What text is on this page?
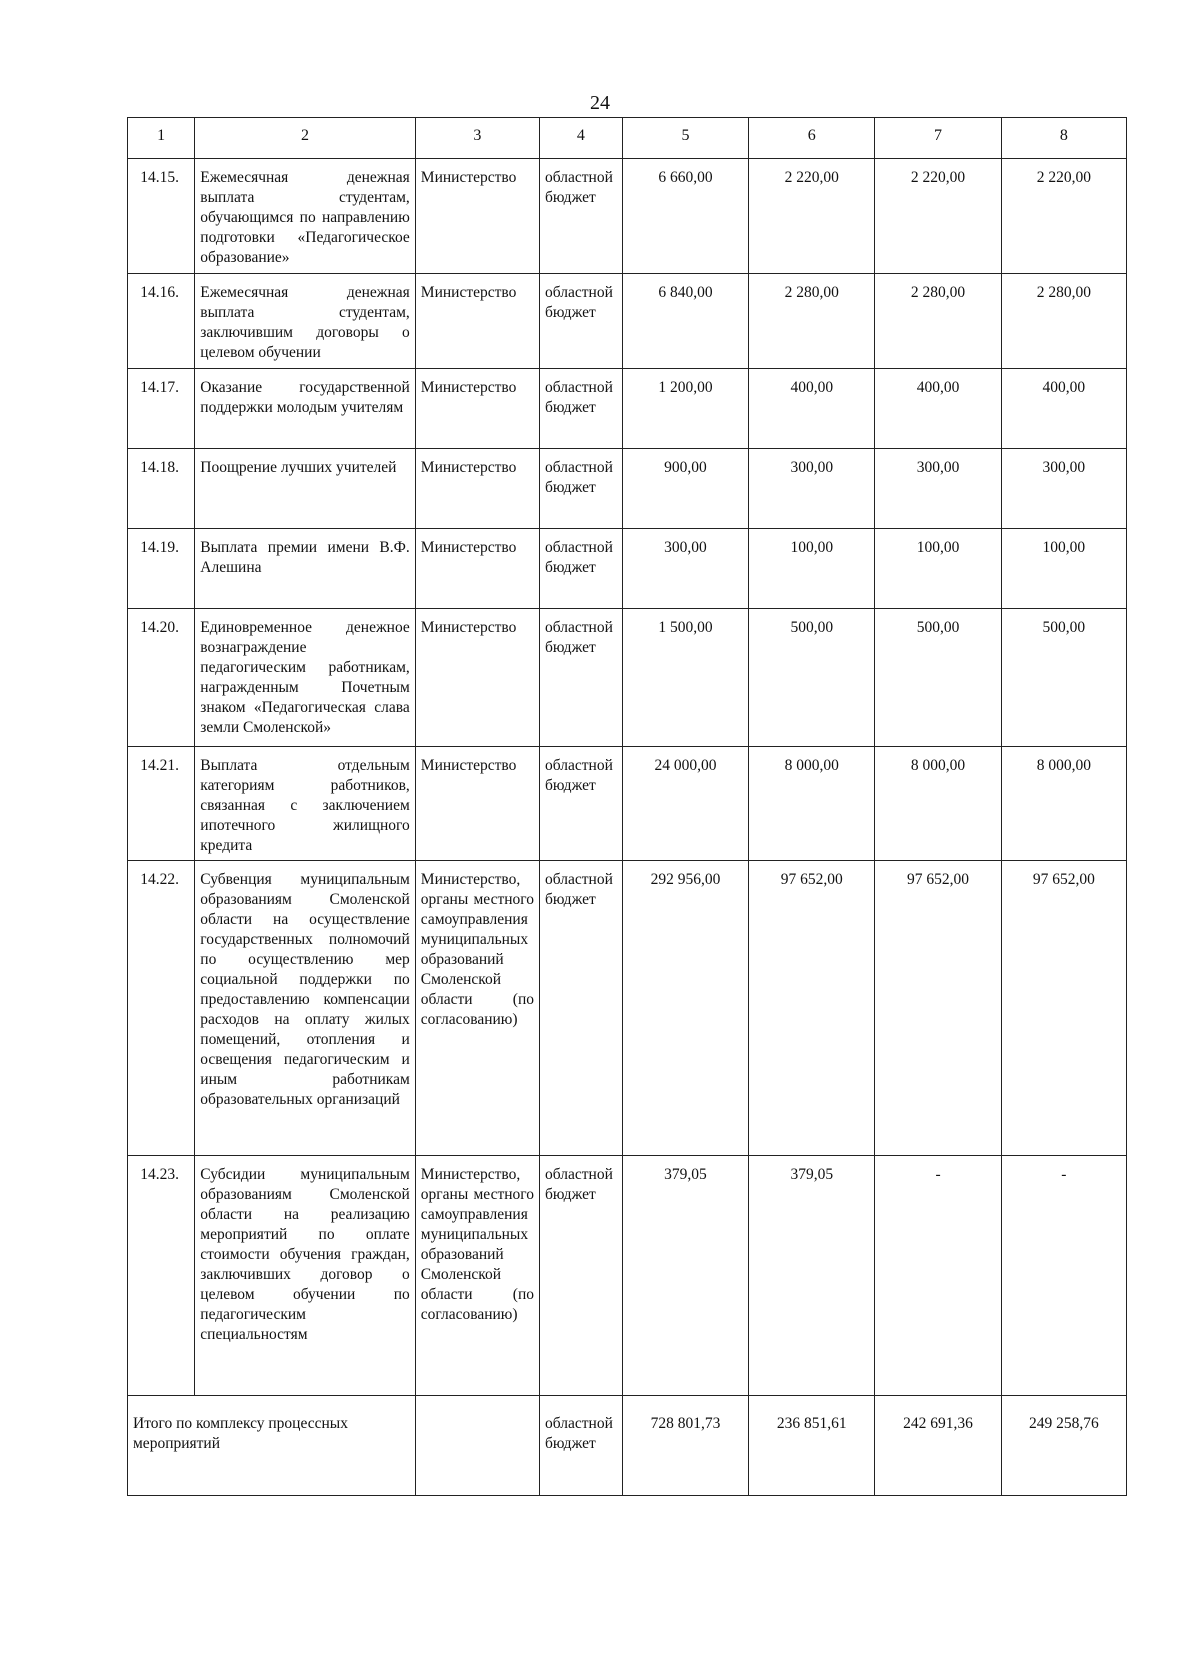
24
1	2	3	4	5	6	7	8
14.15.	Ежемесячная денежная выплата студентам, обучающимся по направлению подготовки «Педагогическое образование»	Министерство	областной бюджет	6 660,00	2 220,00	2 220,00	2 220,00
14.16.	Ежемесячная денежная выплата студентам, заключившим договоры о целевом обучении	Министерство	областной бюджет	6 840,00	2 280,00	2 280,00	2 280,00
14.17.	Оказание государственной поддержки молодым учителям	Министерство	областной бюджет	1 200,00	400,00	400,00	400,00
14.18.	Поощрение лучших учителей	Министерство	областной бюджет	900,00	300,00	300,00	300,00
14.19.	Выплата премии имени В.Ф. Алешина	Министерство	областной бюджет	300,00	100,00	100,00	100,00
14.20.	Единовременное денежное вознаграждение педагогическим работникам, награжденным Почетным знаком «Педагогическая слава земли Смоленской»	Министерство	областной бюджет	1 500,00	500,00	500,00	500,00
14.21.	Выплата отдельным категориям работников, связанная с заключением ипотечного жилищного кредита	Министерство	областной бюджет	24 000,00	8 000,00	8 000,00	8 000,00
14.22.	Субвенция муниципальным образованиям Смоленской области на осуществление государственных полномочий по осуществлению мер социальной поддержки по предоставлению компенсации расходов на оплату жилых помещений, отопления и освещения педагогическим и иным работникам образовательных организаций	Министерство, органы местного самоуправления муниципальных образований Смоленской области (по согласованию)	областной бюджет	292 956,00	97 652,00	97 652,00	97 652,00
14.23.	Субсидии муниципальным образованиям Смоленской области на реализацию мероприятий по оплате стоимости обучения граждан, заключивших договор о целевом обучении по педагогическим специальностям	Министерство, органы местного самоуправления муниципальных образований Смоленской области (по согласованию)	областной бюджет	379,05	379,05	-	-
Итого по комплексу процессных мероприятий			областной бюджет	728 801,73	236 851,61	242 691,36	249 258,76
